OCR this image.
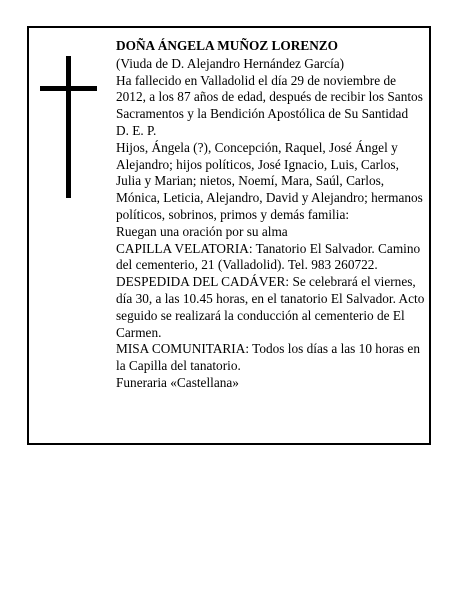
DOÑA ÁNGELA MUÑOZ LORENZO

(Viuda de D. Alejandro Hernández García)

Ha fallecido en Valladolid el día 29 de noviembre de 2012, a los 87 años de edad, después de recibir los Santos Sacramentos y la Bendición Apostólica de Su Santidad

D. E. P.

Hijos, Ángela (?), Concepción, Raquel, José Ángel y Alejandro; hijos políticos, José Ignacio, Luis, Carlos, Julia y Marian; nietos, Noemí, Mara, Saúl, Carlos, Mónica, Leticia, Alejandro, David y Alejandro; hermanos políticos, sobrinos, primos y demás familia:

Ruegan una oración por su alma

CAPILLA VELATORIA: Tanatorio El Salvador. Camino del cementerio, 21 (Valladolid). Tel. 983 260722.

DESPEDIDA DEL CADÁVER: Se celebrará el viernes, día 30, a las 10.45 horas, en el tanatorio El Salvador. Acto seguido se realizará la conducción al cementerio de El Carmen.

MISA COMUNITARIA: Todos los días a las 10 horas en la Capilla del tanatorio.

Funeraria «Castellana»
